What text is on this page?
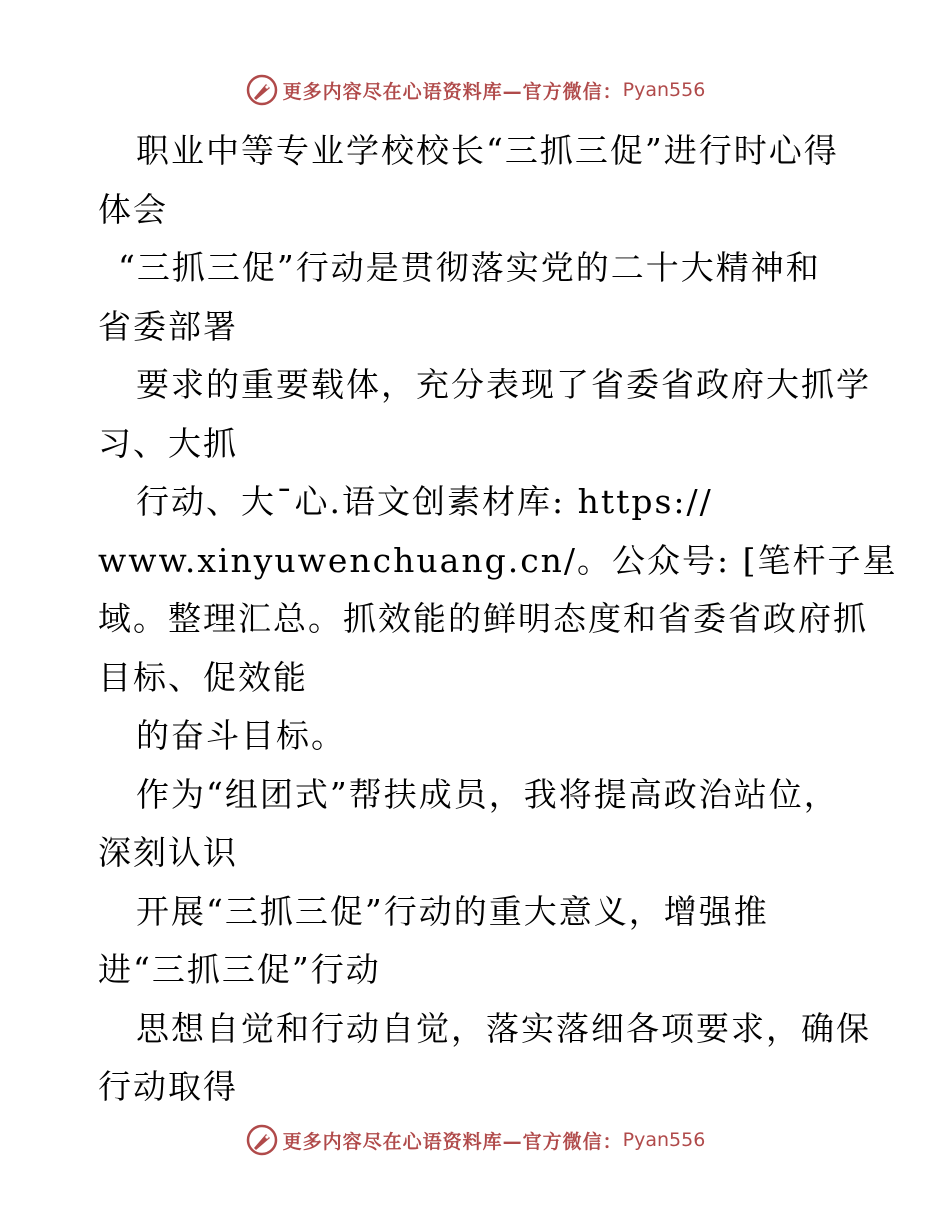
更多内容尽在心语资料库—官方微信： Pyan556

职业中等专业学校校长“三抓三促”进行时心得

体会

“三抓三促”行动是贯彻落实党的二十大精神和

省委部署

要求的重要载体，充分表现了省委省政府大抓学

习、大抓

行动、大¯心.语文创素材库: https://

www.xinyuwenchuang.cn/。公众号: [笔杆子星

域。整理汇总。抓效能的鲜明态度和省委省政府抓

目标、促效能

的奋斗目标。

作为“组团式”帮扶成员，我将提高政治站位，

深刻认识

开展“三抓三促”行动的重大意义，增强推

进“三抓三促”行动

思想自觉和行动自觉，落实落细各项要求，确保

行动取得

更多内容尽在心语资料库—官方微信： Pyan556
